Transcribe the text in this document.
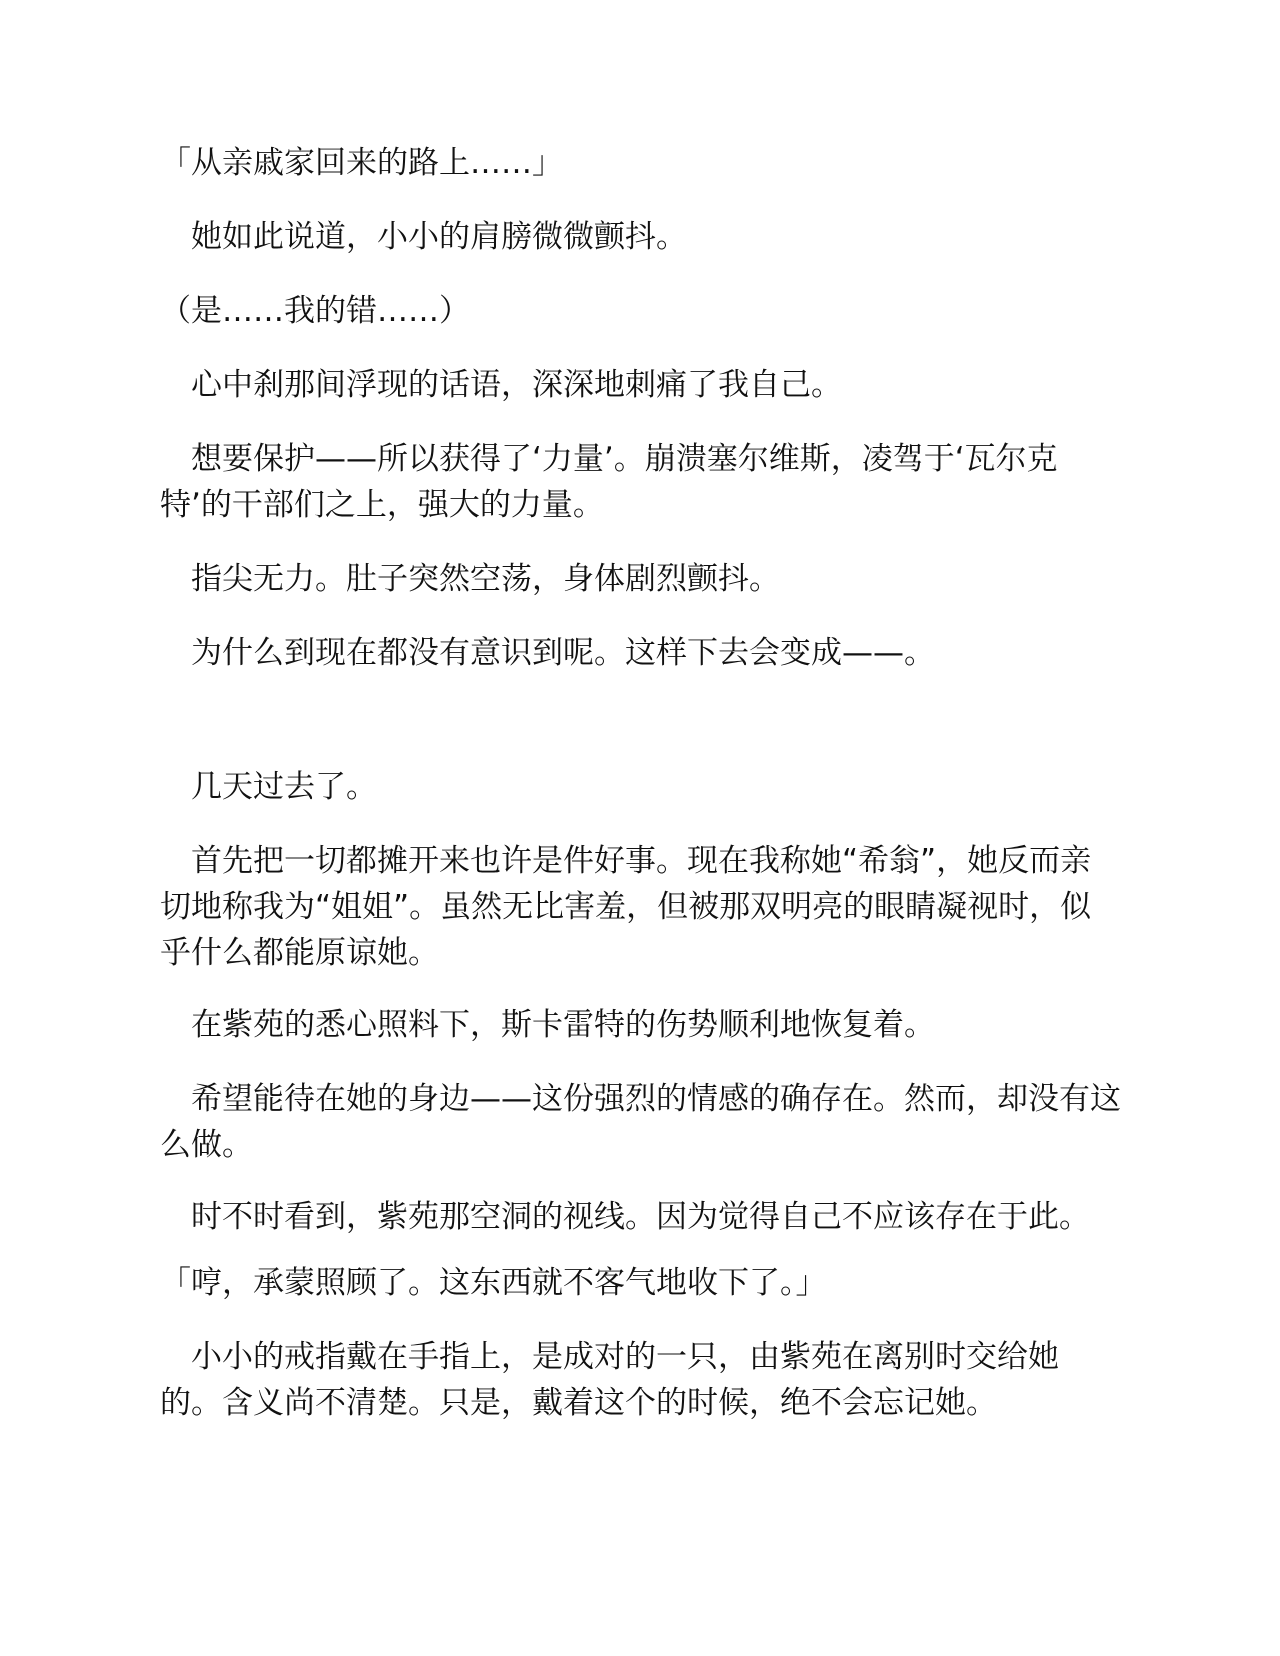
「从亲戚家回来的路上……」

　她如此说道，小小的肩膀微微颤抖。

（是……我的错……）

　心中刹那间浮现的话语，深深地刺痛了我自己。

　想要保护——所以获得了‘力量’。崩溃塞尔维斯，凌驾于‘瓦尔克
特’的干部们之上，强大的力量。

　指尖无力。肚子突然空荡，身体剧烈颤抖。

　为什么到现在都没有意识到呢。这样下去会变成——。

　几天过去了。

　首先把一切都摊开来也许是件好事。现在我称她“希翁”，她反而亲
切地称我为“姐姐”。虽然无比害羞，但被那双明亮的眼睛凝视时，似
乎什么都能原谅她。

　在紫苑的悉心照料下，斯卡雷特的伤势顺利地恢复着。

　希望能待在她的身边——这份强烈的情感的确存在。然而，却没有这
么做。

　时不时看到，紫苑那空洞的视线。因为觉得自己不应该存在于此。

「哼，承蒙照顾了。这东西就不客气地收下了。」

　小小的戒指戴在手指上，是成对的一只，由紫苑在离别时交给她
的。含义尚不清楚。只是，戴着这个的时候，绝不会忘记她。
